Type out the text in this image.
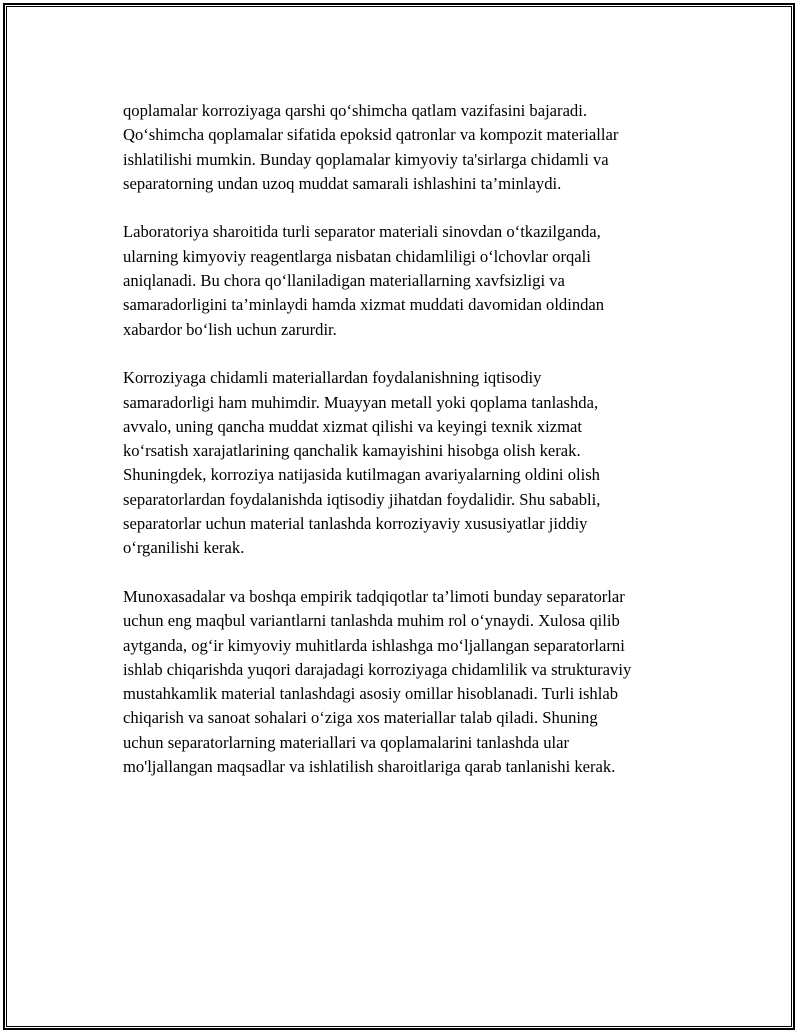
qoplamalar korroziyaga qarshi qo‘shimcha qatlam vazifasini bajaradi.
Qo‘shimcha qoplamalar sifatida epoksid qatronlar va kompozit materiallar
ishlatilishi mumkin. Bunday qoplamalar kimyoviy ta'sirlarga chidamli va
separatorning undan uzoq muddat samarali ishlashini ta’minlaydi.

Laboratoriya sharoitida turli separator materiali sinovdan o‘tkazilganda,
ularning kimyoviy reagentlarga nisbatan chidamliligi o‘lchovlar orqali
aniqlanadi. Bu chora qo‘llaniladigan materiallarning xavfsizligi va
samaradorligini ta’minlaydi hamda xizmat muddati davomidan oldindan
xabardor bo‘lish uchun zarurdir.

Korroziyaga chidamli materiallardan foydalanishning iqtisodiy
samaradorligi ham muhimdir. Muayyan metall yoki qoplama tanlashda,
avvalo, uning qancha muddat xizmat qilishi va keyingi texnik xizmat
ko‘rsatish xarajatlarining qanchalik kamayishini hisobga olish kerak.
Shuningdek, korroziya natijasida kutilmagan avariyalarning oldini olish
separatorlardan foydalanishda iqtisodiy jihatdan foydalidir. Shu sababli,
separatorlar uchun material tanlashda korroziyaviy xususiyatlar jiddiy
o‘rganilishi kerak.

Munoxasadalar va boshqa empirik tadqiqotlar ta’limoti bunday separatorlar
uchun eng maqbul variantlarni tanlashda muhim rol o‘ynaydi. Xulosa qilib
aytganda, og‘ir kimyoviy muhitlarda ishlashga mo‘ljallangan separatorlarni
ishlab chiqarishda yuqori darajadagi korroziyaga chidamlilik va strukturaviy
mustahkamlik material tanlashdagi asosiy omillar hisoblanadi. Turli ishlab
chiqarish va sanoat sohalari o‘ziga xos materiallar talab qiladi. Shuning
uchun separatorlarning materiallari va qoplamalarini tanlashda ular
mo'ljallangan maqsadlar va ishlatilish sharoitlariga qarab tanlanishi kerak.
